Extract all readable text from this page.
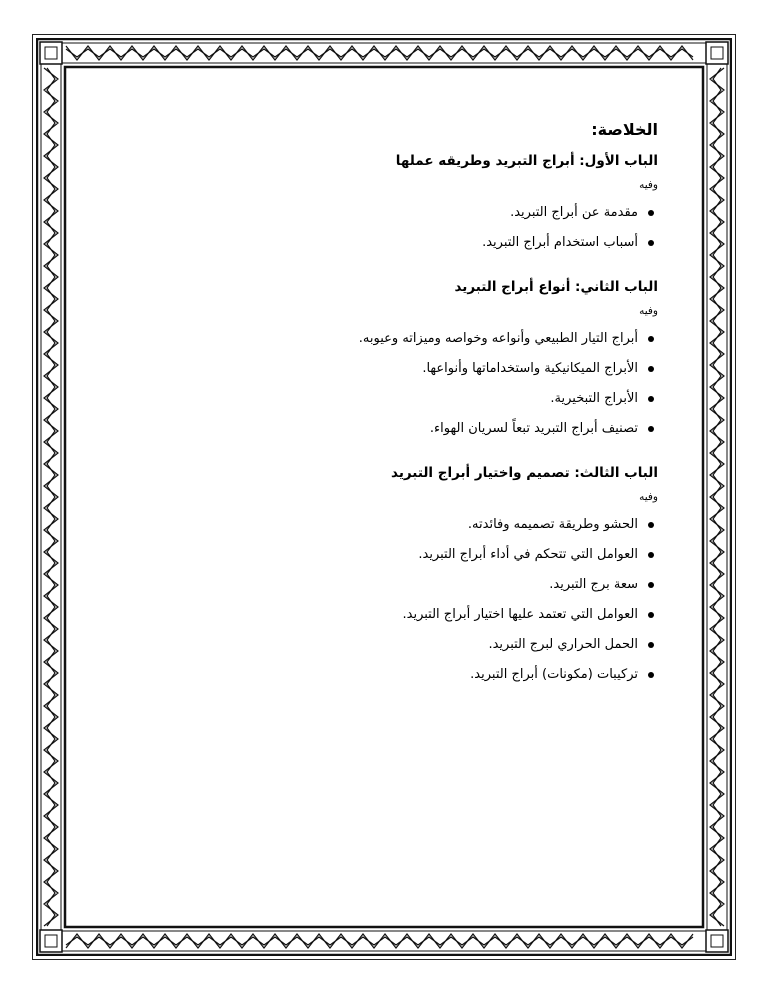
الخلاصة:
الباب الأول: أبراج التبريد وطريقه عملها
وفيه
مقدمة عن أبراج التبريد.
أسباب استخدام أبراج التبريد.
الباب الثاني: أنواع أبراج التبريد
وفيه
أبراج التيار الطبيعي وأنواعه وخواصه وميزاته وعيوبه.
الأبراج الميكانيكية واستخداماتها وأنواعها.
الأبراج التبخيرية.
تصنيف أبراج التبريد تبعاً لسريان الهواء.
الباب الثالث: تصميم واختيار أبراج التبريد
وفيه
الحشو وطريقة تصميمه وفائدته.
العوامل التي تتحكم في أداء أبراج التبريد.
سعة برج التبريد.
العوامل التي تعتمد عليها اختيار أبراج التبريد.
الحمل الحراري لبرج التبريد.
تركيبات (مكونات) أبراج التبريد.
